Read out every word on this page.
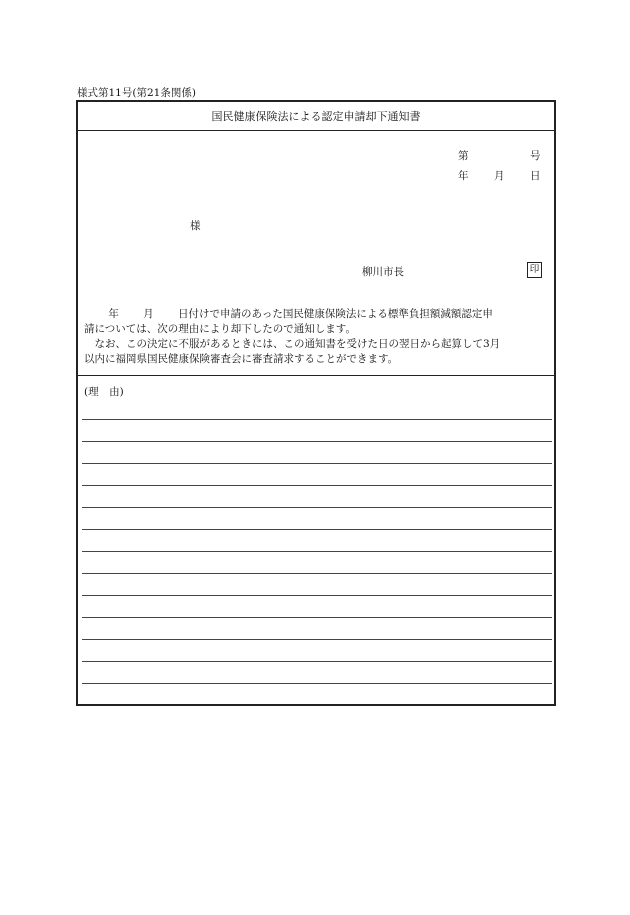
様式第11号(第21条関係)
国民健康保険法による認定申請却下通知書
第	号
年 月 日
様
柳川市長	印

　　 年 　　月　　 日付けで申請のあった国民健康保険法による標準負担額減額認定申

請については、次の理由により却下したので通知します。

　なお、この決定に不服があるときには、この通知書を受けた日の翌日から起算して3月

以内に福岡県国民健康保険審査会に審査請求することができます。

(理　由)
